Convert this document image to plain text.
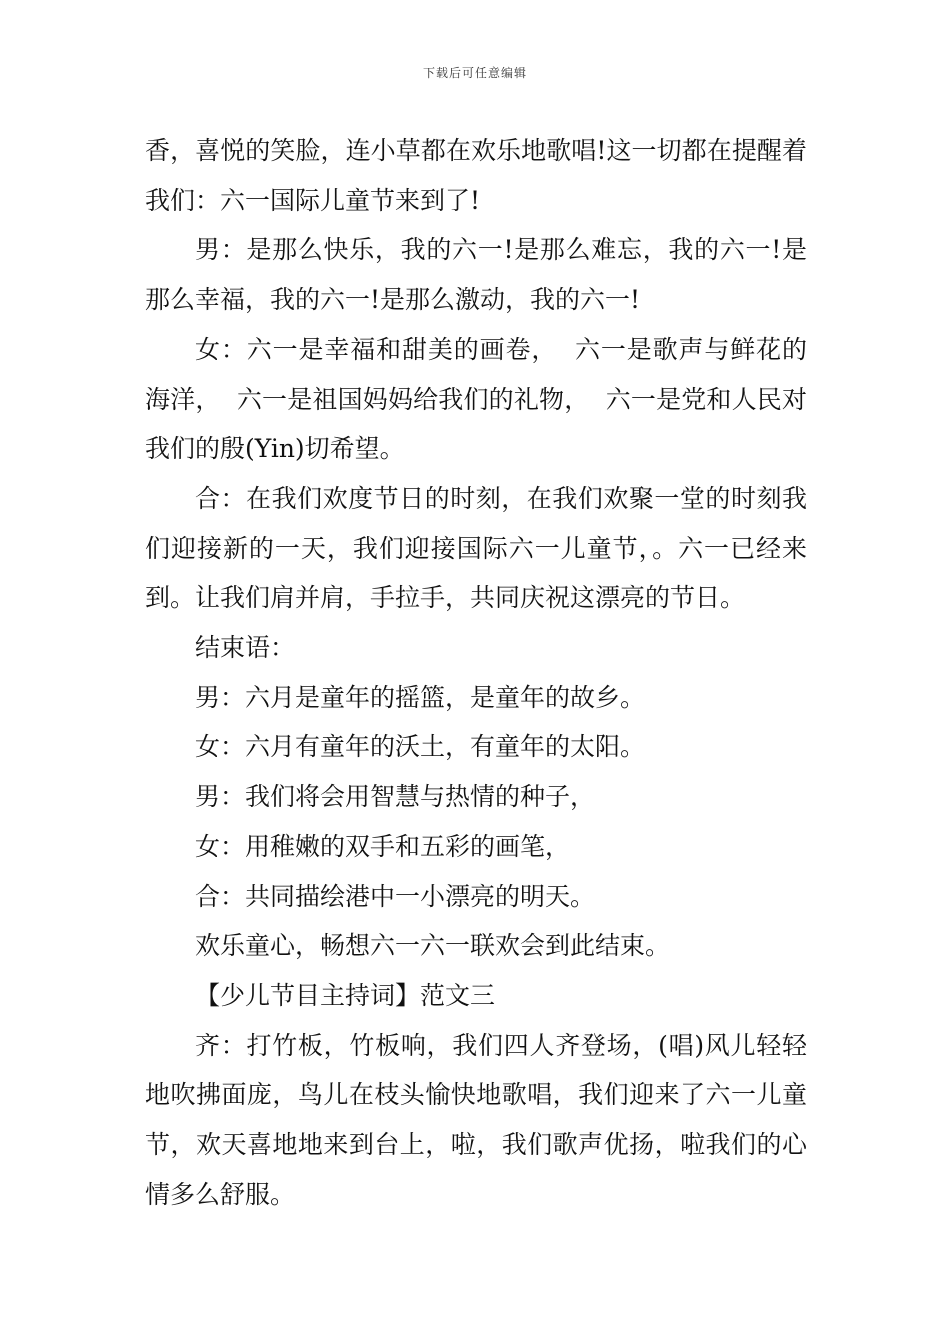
下载后可任意编辑

香，喜悦的笑脸，连小草都在欢乐地歌唱!这一切都在提醒着我们：六一国际儿童节来到了!

男：是那么快乐，我的六一!是那么难忘，我的六一!是那么幸福，我的六一!是那么激动，我的六一!

女：六一是幸福和甜美的画卷，  六一是歌声与鲜花的海洋，  六一是祖国妈妈给我们的礼物，  六一是党和人民对我们的殷(Yin)切希望。

合：在我们欢度节日的时刻，在我们欢聚一堂的时刻我们迎接新的一天，我们迎接国际六一儿童节，。六一已经来到。让我们肩并肩，手拉手，共同庆祝这漂亮的节日。

结束语：

男：六月是童年的摇篮，是童年的故乡。

女：六月有童年的沃土，有童年的太阳。

男：我们将会用智慧与热情的种子，

女：用稚嫩的双手和五彩的画笔，

合：共同描绘港中一小漂亮的明天。

欢乐童心，畅想六一六一联欢会到此结束。

【少儿节目主持词】范文三

齐：打竹板，竹板响，我们四人齐登场，(唱)风儿轻轻地吹拂面庞，鸟儿在枝头愉快地歌唱，我们迎来了六一儿童节，欢天喜地地来到台上，啦，我们歌声优扬，啦我们的心情多么舒服。
